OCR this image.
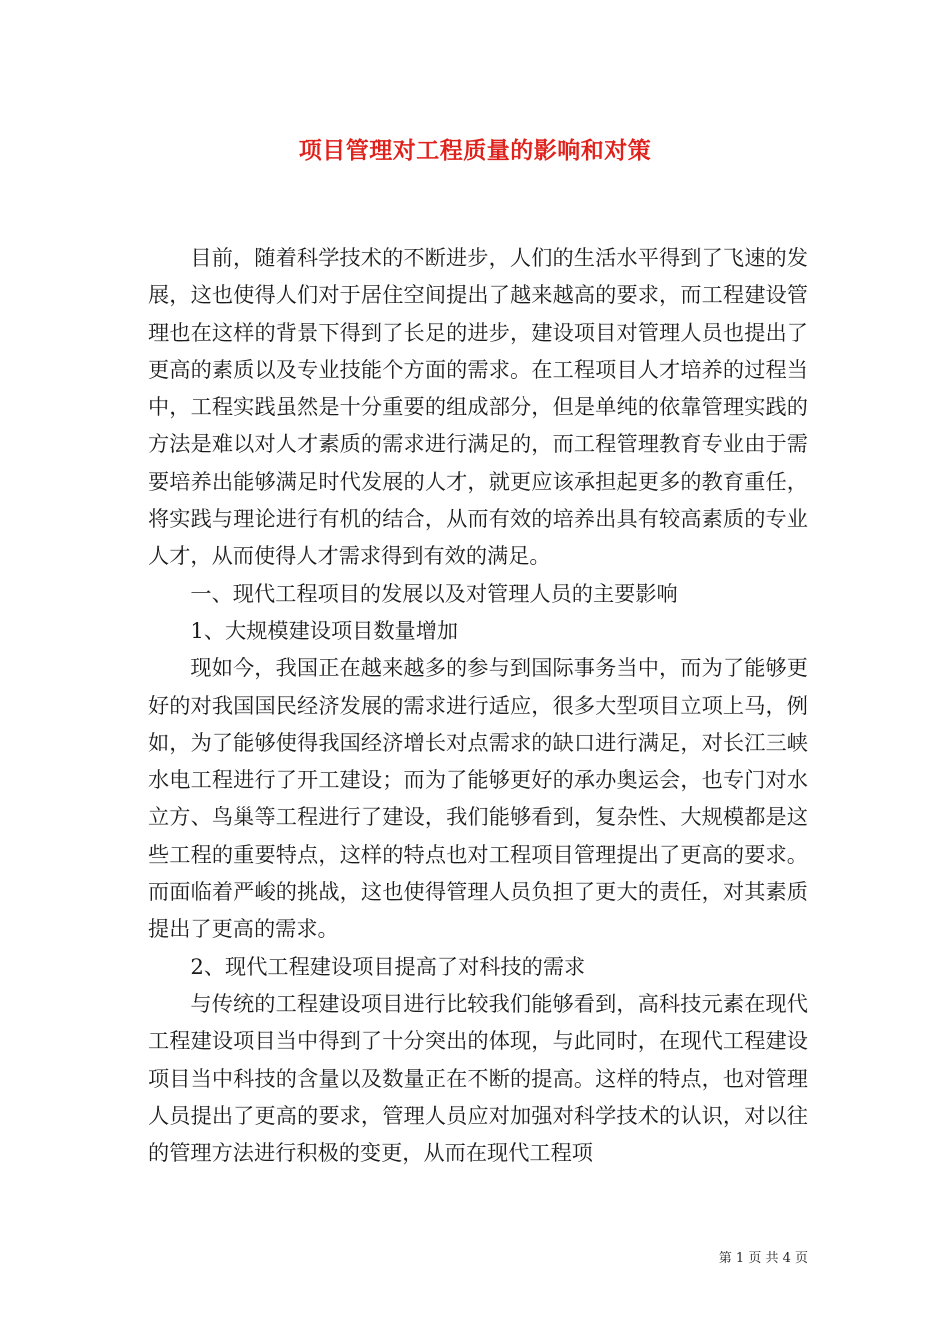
项目管理对工程质量的影响和对策

目前，随着科学技术的不断进步，人们的生活水平得到了飞速的发展，这也使得人们对于居住空间提出了越来越高的要求，而工程建设管理也在这样的背景下得到了长足的进步，建设项目对管理人员也提出了更高的素质以及专业技能个方面的需求。在工程项目人才培养的过程当中，工程实践虽然是十分重要的组成部分，但是单纯的依靠管理实践的方法是难以对人才素质的需求进行满足的，而工程管理教育专业由于需要培养出能够满足时代发展的人才，就更应该承担起更多的教育重任，将实践与理论进行有机的结合，从而有效的培养出具有较高素质的专业人才，从而使得人才需求得到有效的满足。

一、现代工程项目的发展以及对管理人员的主要影响

1、大规模建设项目数量增加

现如今，我国正在越来越多的参与到国际事务当中，而为了能够更好的对我国国民经济发展的需求进行适应，很多大型项目立项上马，例如，为了能够使得我国经济增长对点需求的缺口进行满足，对长江三峡水电工程进行了开工建设；而为了能够更好的承办奥运会，也专门对水立方、鸟巢等工程进行了建设，我们能够看到，复杂性、大规模都是这些工程的重要特点，这样的特点也对工程项目管理提出了更高的要求。而面临着严峻的挑战，这也使得管理人员负担了更大的责任，对其素质提出了更高的需求。

2、现代工程建设项目提高了对科技的需求

与传统的工程建设项目进行比较我们能够看到，高科技元素在现代工程建设项目当中得到了十分突出的体现，与此同时，在现代工程建设项目当中科技的含量以及数量正在不断的提高。这样的特点，也对管理人员提出了更高的要求，管理人员应对加强对科学技术的认识，对以往的管理方法进行积极的变更，从而在现代工程项

第 1 页 共 4 页
